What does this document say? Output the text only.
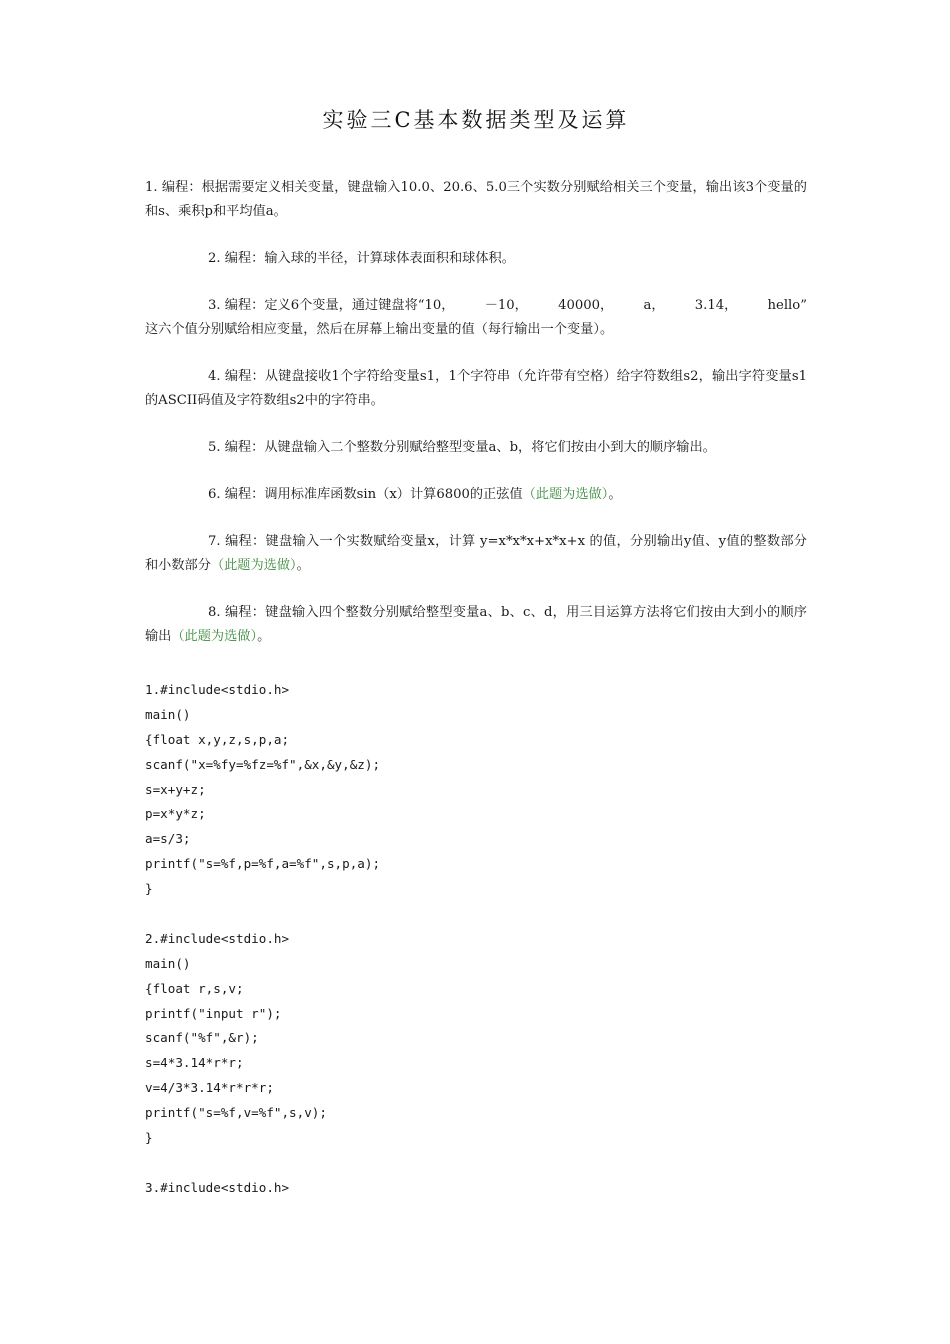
实验三C基本数据类型及运算

1. 编程：根据需要定义相关变量，键盘输入10.0、20.6、5.0三个实数分别赋给相关三个变量，输出该3个变量的和s、乘积p和平均值a。

2. 编程：输入球的半径，计算球体表面积和球体积。

3. 编程：定义6个变量，通过键盘将“10， －10， 40000， a， 3.14， hello”
这六个值分别赋给相应变量，然后在屏幕上输出变量的值（每行输出一个变量）。

4. 编程：从键盘接收1个字符给变量s1，1个字符串（允许带有空格）给字符数组s2，输出字符变量s1的ASCII码值及字符数组s2中的字符串。

5. 编程：从键盘输入二个整数分别赋给整型变量a、b，将它们按由小到大的顺序输出。

6. 编程：调用标准库函数sin（x）计算6800的正弦值（此题为选做）。

7. 编程：键盘输入一个实数赋给变量x，计算 y=x*x*x+x*x+x 的值，分别输出y值、y值的整数部分和小数部分（此题为选做）。

8. 编程：键盘输入四个整数分别赋给整型变量a、b、c、d，用三目运算方法将它们按由大到小的顺序输出（此题为选做）。

1.#include<stdio.h>
main()
{float x,y,z,s,p,a;
scanf("x=%fy=%fz=%f",&x,&y,&z);
s=x+y+z;
p=x*y*z;
a=s/3;
printf("s=%f,p=%f,a=%f",s,p,a);
}
2.#include<stdio.h>
main()
{float r,s,v;
printf("input r");
scanf("%f",&r);
s=4*3.14*r*r;
v=4/3*3.14*r*r*r;
printf("s=%f,v=%f",s,v);
}
3.#include<stdio.h>
